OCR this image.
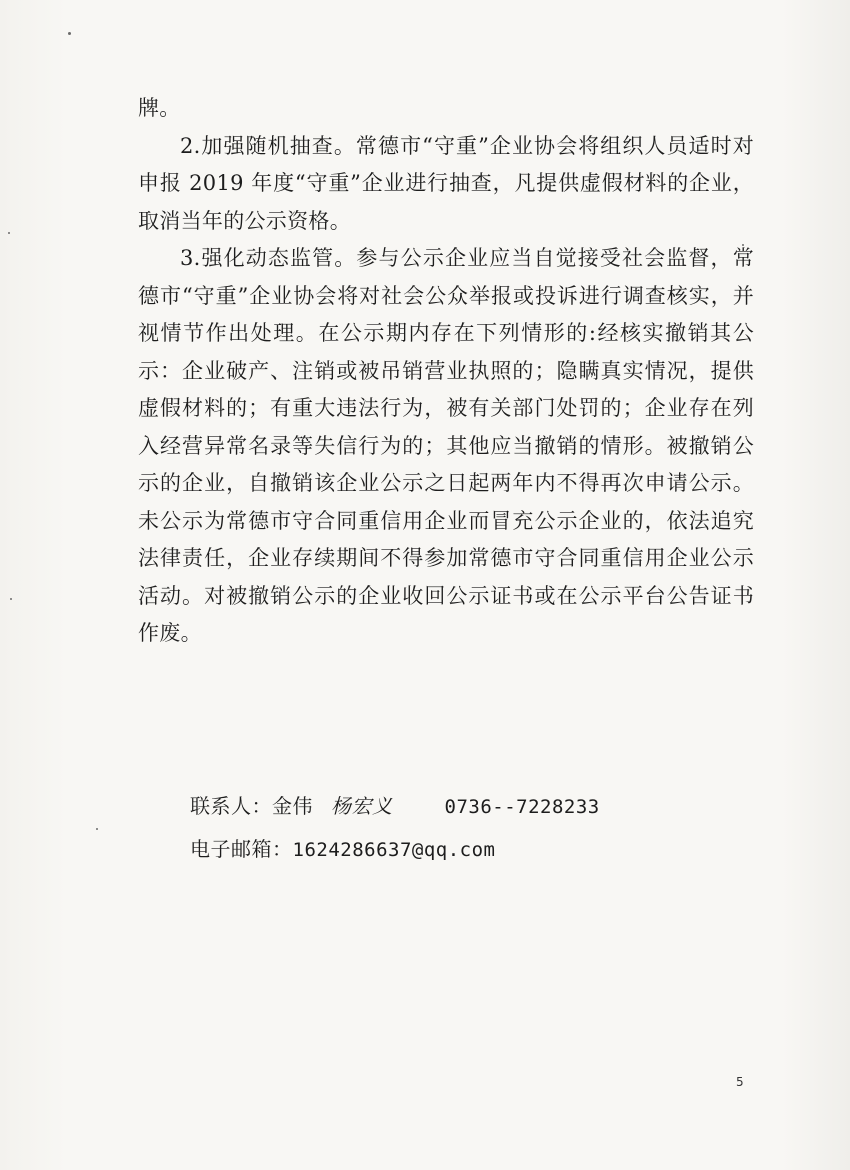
牌。

2.加强随机抽查。常德市“守重”企业协会将组织人员适时对申报 2019 年度“守重”企业进行抽查，凡提供虚假材料的企业，取消当年的公示资格。

3.强化动态监管。参与公示企业应当自觉接受社会监督，常德市“守重”企业协会将对社会公众举报或投诉进行调查核实，并视情节作出处理。在公示期内存在下列情形的:经核实撤销其公示：企业破产、注销或被吊销营业执照的；隐瞒真实情况，提供虚假材料的；有重大违法行为，被有关部门处罚的；企业存在列入经营异常名录等失信行为的；其他应当撤销的情形。被撤销公示的企业，自撤销该企业公示之日起两年内不得再次申请公示。未公示为常德市守合同重信用企业而冒充公示企业的，依法追究法律责任，企业存续期间不得参加常德市守合同重信用企业公示活动。对被撤销公示的企业收回公示证书或在公示平台公告证书作废。

联系人：金伟 杨宏义	0736--7228233
电子邮箱：1624286637@qq.com
5
